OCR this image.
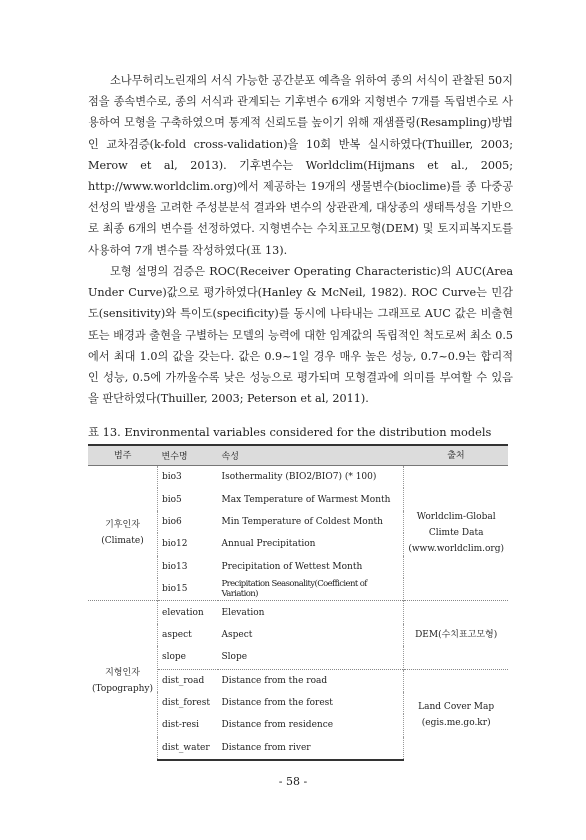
소나무허리노린재의 서식 가능한 공간분포 예측을 위하여 종의 서식이 관찰된 50지점을 종속변수로, 종의 서식과 관계되는 기후변수 6개와 지형변수 7개를 독립변수로 사용하여 모형을 구축하였으며 통계적 신뢰도를 높이기 위해 재샘플링(Resampling)방법인 교차검증(k-fold cross-validation)을 10회 반복 실시하였다(Thuiller, 2003; Merow et al, 2013). 기후변수는 Worldclim(Hijmans et al., 2005; http://www.worldclim.org)에서 제공하는 19개의 생물변수(bioclime)를 종 다중공선성의 발생을 고려한 주성분분석 결과와 변수의 상관관계, 대상종의 생태특성을 기반으로 최종 6개의 변수를 선정하였다. 지형변수는 수치표고모형(DEM) 및 토지피복지도를 사용하여 7개 변수를 작성하였다(표 13).

모형 설명의 검증은 ROC(Receiver Operating Characteristic)의 AUC(Area Under Curve)값으로 평가하였다(Hanley & McNeil, 1982). ROC Curve는 민감도(sensitivity)와 특이도(specificity)를 동시에 나타내는 그래프로 AUC 값은 비출현 또는 배경과 출현을 구별하는 모델의 능력에 대한 임계값의 독립적인 척도로써 최소 0.5에서 최대 1.0의 값을 갖는다. 값은 0.9~1일 경우 매우 높은 성능, 0.7~0.9는 합리적인 성능, 0.5에 가까울수록 낮은 성능으로 평가되며 모형결과에 의미를 부여할 수 있음을 판단하였다(Thuiller, 2003; Peterson et al, 2011).

표 13. Environmental variables considered for the distribution models
범주	변수명	속성	출처
기후인자
(Climate)	bio3	Isothermality (BIO2/BIO7) (* 100)	Worldclim-Global
Climte Data
(www.worldclim.org)
	bio5	Max Temperature of Warmest Month	
	bio6	Min Temperature of Coldest Month	
	bio12	Annual Precipitation	
	bio13	Precipitation of Wettest Month	
	bio15	Precipitation Seasonality(Coefficient of Variation)	
지형인자
(Topography)	elevation	Elevation	DEM(수치표고모형)
	aspect	Aspect	
	slope	Slope	
	dist_road	Distance from the road	Land Cover Map
(egis.me.go.kr)
	dist_forest	Distance from the forest	
	dist-resi	Distance from residence	
	dist_water	Distance from river	
- 58 -
